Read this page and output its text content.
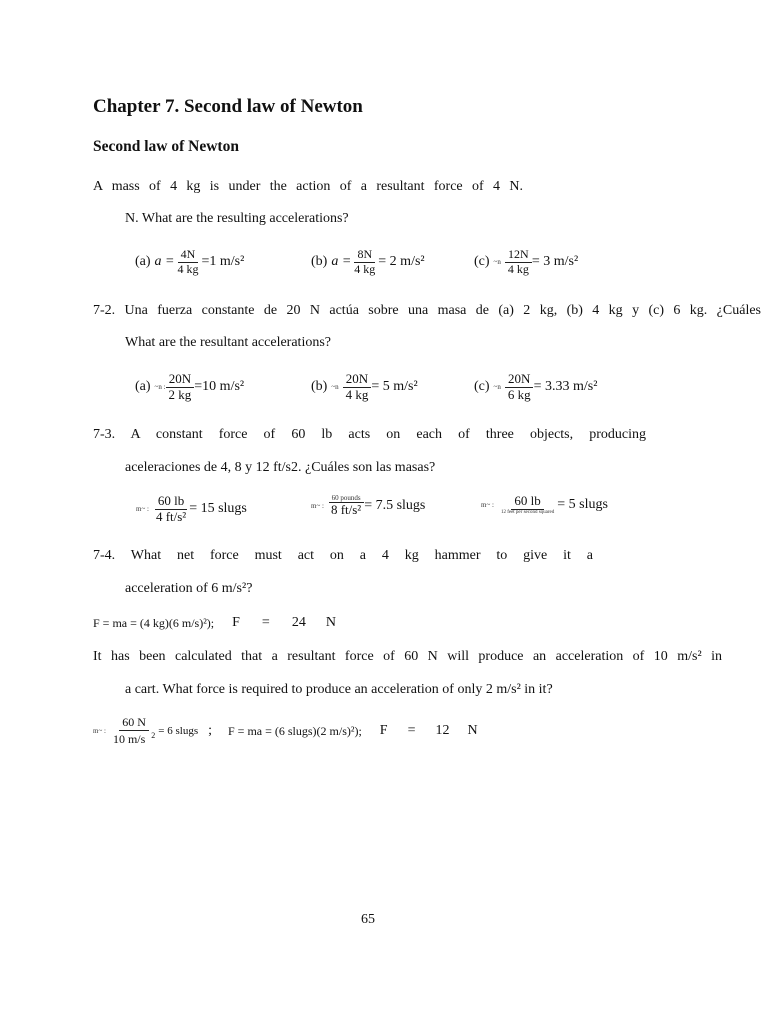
Chapter 7. Second law of Newton
Second law of Newton
A mass of 4 kg is under the action of a resultant force of 4 N.
N. What are the resulting accelerations?
(a) $a = \frac{4N}{4 kg} =1$ m/s²	(b) $a = \frac{8N}{4 kg} = 2$ m/s²	(c) ~n $\frac{12N}{4 kg} = 3$ m/s²
7-2. Una fuerza constante de 20 N actúa sobre una masa de (a) 2 kg, (b) 4 kg y (c) 6 kg. ¿Cuáles
What are the resultant accelerations?
(a) ~n : $\frac{20N}{2 kg} =10$ m/s²	(b) ~n $\frac{20N}{4 kg} = 5$ m/s²	(c) ~n $\frac{20N}{6 kg} = 3.33$ m/s²
7-3. A constant force of 60 lb acts on each of three objects, producing
aceleraciones de 4, 8 y 12 ft/s2. ¿Cuáles son las masas?
m~ : $\frac{60 lb}{\text{4 ft/s²}} = 15$ slugs	m~ : $\frac{\text{60 pounds}}{\text{8 ft/s²}} = 7.5$ slugs	m~ : $\frac{60 lb}{\text{12 feet per second squared}} = 5$ slugs
7-4. What net force must act on a 4 kg hammer to give it a
acceleration of 6 m/s²?
F = ma = (4 kg)(6 m/s)²); F = 24 N
It has been calculated that a resultant force of 60 N will produce an acceleration of 10 m/s² in
a cart. What force is required to produce an acceleration of only 2 m/s² in it?
m~ : $\frac{60 N}{10 m/s ^2} = 6$ slugs ; F = ma = (6 slugs)(2 m/s)²); F = 12 N
65
